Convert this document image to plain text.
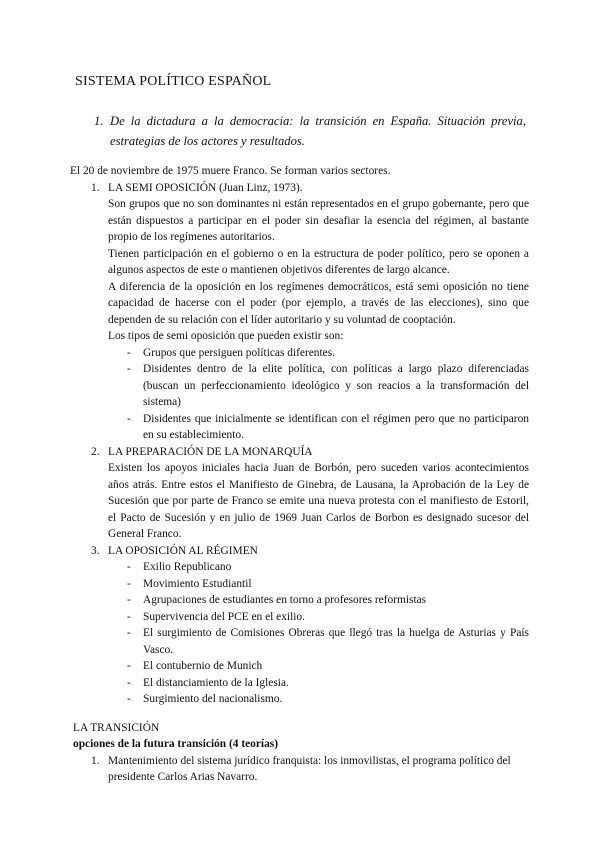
SISTEMA POLÍTICO ESPAÑOL
1. De la dictadura a la democracia: la transición en España. Situación previa, estrategias de los actores y resultados.

El 20 de noviembre de 1975 muere Franco. Se forman varios sectores.

1. LA SEMI OPOSICIÓN (Juan Linz, 1973).

Son grupos que no son dominantes ni están representados en el grupo gobernante, pero que están dispuestos a participar en el poder sin desafiar la esencia del régimen, al bastante propio de los regímenes autoritarios.

Tienen participación en el gobierno o en la estructura de poder político, pero se oponen a algunos aspectos de este o mantienen objetivos diferentes de largo alcance.

A diferencia de la oposición en los regímenes democráticos, está semi oposición no tiene capacidad de hacerse con el poder (por ejemplo, a través de las elecciones), sino que dependen de su relación con el líder autoritario y su voluntad de cooptación.

Los tipos de semi oposición que pueden existir son:

- Grupos que persiguen políticas diferentes.
- Disidentes dentro de la elite política, con políticas a largo plazo diferenciadas (buscan un perfeccionamiento ideológico y son reacios a la transformación del sistema)
- Disidentes que inicialmente se identifican con el régimen pero que no participaron en su establecimiento.
2. LA PREPARACIÓN DE LA MONARQUÍA

Existen los apoyos iniciales hacia Juan de Borbón, pero suceden varios acontecimientos años atrás. Entre estos el Manifiesto de Ginebra, de Lausana, la Aprobación de la Ley de Sucesión que por parte de Franco se emite una nueva protesta con el manifiesto de Estoril, el Pacto de Sucesión y en julio de 1969 Juan Carlos de Borbon es designado sucesor del General Franco.

3. LA OPOSICIÓN AL RÉGIMEN
- Exilio Republicano
- Movimiento Estudiantil
- Agrupaciones de estudiantes en torno a profesores reformistas
- Supervivencia del PCE en el exilio.
- El surgimiento de Comisiones Obreras que llegó tras la huelga de Asturias y País Vasco.
- El contubernio de Munich
- El distanciamiento de la Iglesia.
- Surgimiento del nacionalismo.

LA TRANSICIÓN

opciones de la futura transición (4 teorías)

1. Mantenimiento del sistema jurídico franquista: los inmovilistas, el programa político del presidente Carlos Arias Navarro.
